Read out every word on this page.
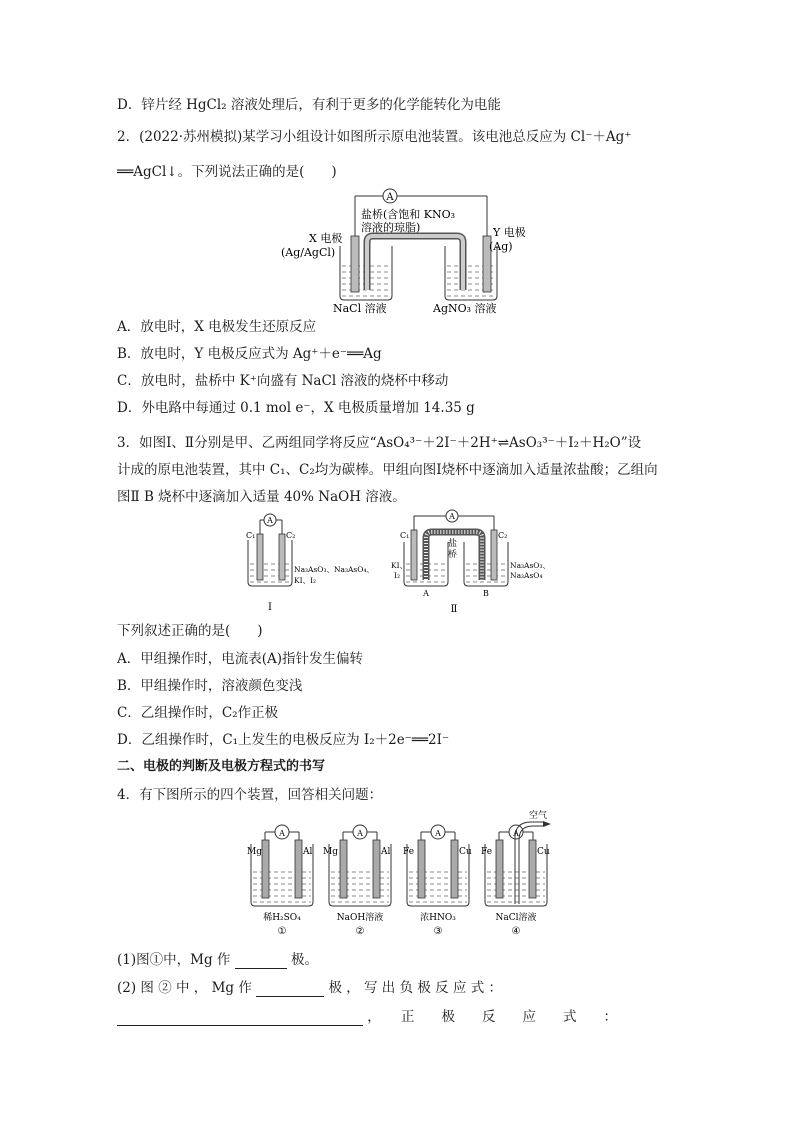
D．锌片经 HgCl₂ 溶液处理后，有利于更多的化学能转化为电能
2．(2022·苏州模拟)某学习小组设计如图所示原电池装置。该电池总反应为 Cl⁻＋Ag⁺
══AgCl↓。下列说法正确的是(　　)
A
盐桥(含饱和 KNO₃
溶液的琼脂)
X 电极
(Ag/AgCl)
Y 电极
(Ag)
NaCl 溶液	AgNO₃ 溶液
A．放电时，X 电极发生还原反应
B．放电时，Y 电极反应式为 Ag⁺＋e⁻══Ag
C．放电时，盐桥中 K⁺向盛有 NaCl 溶液的烧杯中移动
D．外电路中每通过 0.1 mol e⁻，X 电极质量增加 14.35 g
3．如图Ⅰ、Ⅱ分别是甲、乙两组同学将反应“AsO₄³⁻＋2I⁻＋2H⁺⇌AsO₃³⁻＋I₂＋H₂O”设
计成的原电池装置，其中 C₁、C₂均为碳棒。甲组向图Ⅰ烧杯中逐滴加入适量浓盐酸；乙组向
图Ⅱ B 烧杯中逐滴加入适量 40% NaOH 溶液。
A
C₁	C₂
Na₃AsO₃、Na₃AsO₄、
KI、I₂
Ⅰ
A
C₁	C₂
盐
桥
KI、
I₂
Na₃AsO₃、
Na₃AsO₄
A	B
Ⅱ
下列叙述正确的是(　　)
A．甲组操作时，电流表(A)指针发生偏转
B．甲组操作时，溶液颜色变浅
C．乙组操作时，C₂作正极
D．乙组操作时，C₁上发生的电极反应为 I₂＋2e⁻══2I⁻
二、电极的判断及电极方程式的书写
4．有下图所示的四个装置，回答相关问题：
A
Mg	Al
稀H₂SO₄
①
A
Mg	Al
NaOH溶液
②
A
Fe	Cu
浓HNO₃
③
A
空气
Fe	Cu
NaCl溶液
④
(1)图①中，Mg 作	极。
(2) 图 ② 中 ， Mg 作	极 ， 写 出 负 极 反 应 式 ：
，　　正　　极　　反　　应　　式　　：
